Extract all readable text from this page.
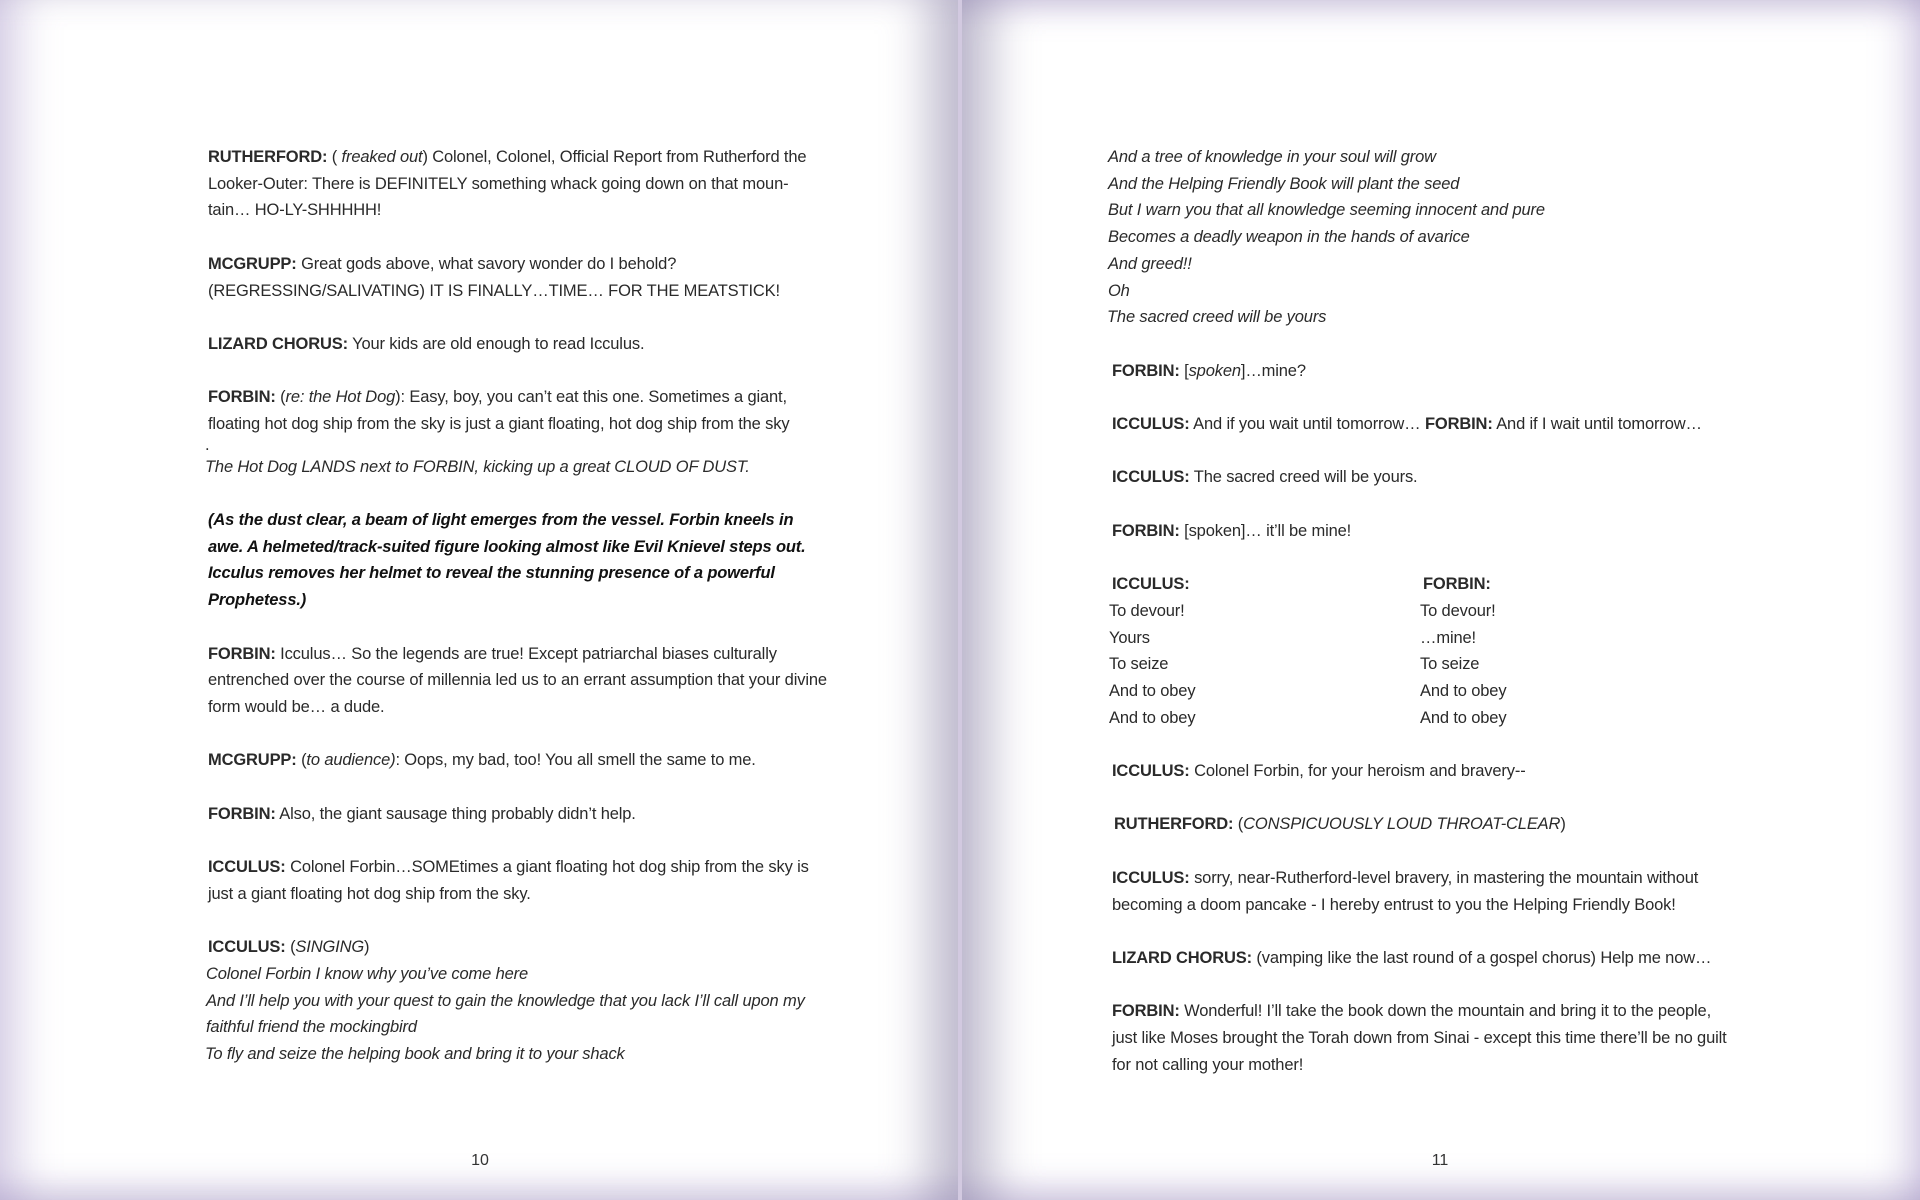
RUTHERFORD: ( freaked out) Colonel, Colonel, Official Report from Rutherford the Looker-Outer: There is DEFINITELY something whack going down on that moun-tain… HO-LY-SHHHHH!

MCGRUPP: Great gods above, what savory wonder do I behold? (REGRESSING/SALIVATING) IT IS FINALLY…TIME… FOR THE MEATSTICK!

LIZARD CHORUS: Your kids are old enough to read Icculus.

FORBIN: (re: the Hot Dog): Easy, boy, you can’t eat this one. Sometimes a giant, floating hot dog ship from the sky is just a giant floating, hot dog ship from the sky
.

The Hot Dog LANDS next to FORBIN, kicking up a great CLOUD OF DUST.

(As the dust clear, a beam of light emerges from the vessel. Forbin kneels in awe. A helmeted/track-suited figure looking almost like Evil Knievel steps out. Icculus removes her helmet to reveal the stunning presence of a powerful Prophetess.)

FORBIN: Icculus… So the legends are true! Except patriarchal biases culturally entrenched over the course of millennia led us to an errant assumption that your divine form would be… a dude.

MCGRUPP: (to audience): Oops, my bad, too! You all smell the same to me.

FORBIN: Also, the giant sausage thing probably didn’t help.

ICCULUS: Colonel Forbin…SOMEtimes a giant floating hot dog ship from the sky is just a giant floating hot dog ship from the sky.

ICCULUS: (SINGING)

Colonel Forbin I know why you’ve come here
And I’ll help you with your quest to gain the knowledge that you lack I’ll call upon my faithful friend the mockingbird
To fly and seize the helping book and bring it to your shack
10
And a tree of knowledge in your soul will grow
And the Helping Friendly Book will plant the seed
But I warn you that all knowledge seeming innocent and pure
Becomes a deadly weapon in the hands of avarice
And greed!!
Oh
The sacred creed will be yours

FORBIN: [spoken]…mine?

ICCULUS: And if you wait until tomorrow… FORBIN: And if I wait until tomorrow…

ICCULUS: The sacred creed will be yours.

FORBIN: [spoken]… it’ll be mine!

ICCULUS:
To devour!
Yours
To seize
And to obey
And to obey
FORBIN:
To devour!
…mine!
To seize
And to obey
And to obey

ICCULUS: Colonel Forbin, for your heroism and bravery--

RUTHERFORD: (CONSPICUOUSLY LOUD THROAT-CLEAR)

ICCULUS: sorry, near-Rutherford-level bravery, in mastering the mountain without becoming a doom pancake - I hereby entrust to you the Helping Friendly Book!

LIZARD CHORUS: (vamping like the last round of a gospel chorus) Help me now…

FORBIN: Wonderful! I’ll take the book down the mountain and bring it to the people, just like Moses brought the Torah down from Sinai - except this time there’ll be no guilt for not calling your mother!

11
